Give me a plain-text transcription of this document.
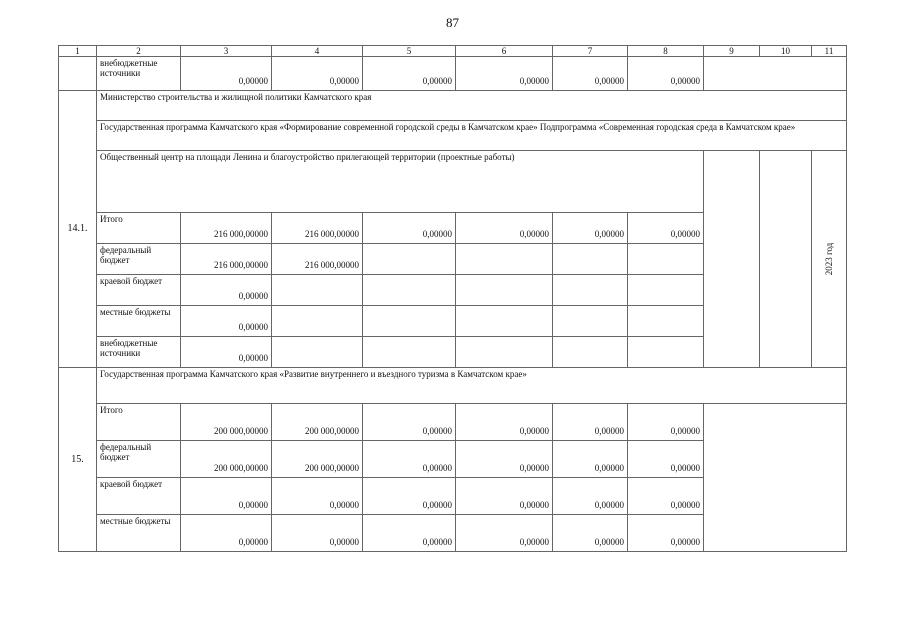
87
1	2	3	4	5	6	7	8	9	10	11
	внебюджетные источники	0,00000	0,00000	0,00000	0,00000	0,00000	0,00000			
14.1.	Министерство строительства и жилищной политики Камчатского края									
	Государственная программа Камчатского края «Формирование современной городской среды в Камчатском крае» Подпрограмма «Современная городская среда в Камчатском крае»									
	Общественный центр на площади Ленина и благоустройство прилегающей территории (проектные работы)									2023 год

	Итого	216 000,00000	216 000,00000	0,00000	0,00000	0,00000	0,00000			
	федеральный бюджет	216 000,00000	216 000,00000							
	краевой бюджет	0,00000								
	местные бюджеты	0,00000								
	внебюджетные источники	0,00000								
15.	Государственная программа Камчатского края «Развитие внутреннего и въездного туризма в Камчатском крае»									
	Итого	200 000,00000	200 000,00000	0,00000	0,00000	0,00000	0,00000			
	федеральный бюджет	200 000,00000	200 000,00000	0,00000	0,00000	0,00000	0,00000			
	краевой бюджет	0,00000	0,00000	0,00000	0,00000	0,00000	0,00000			
	местные бюджеты	0,00000	0,00000	0,00000	0,00000	0,00000	0,00000			
